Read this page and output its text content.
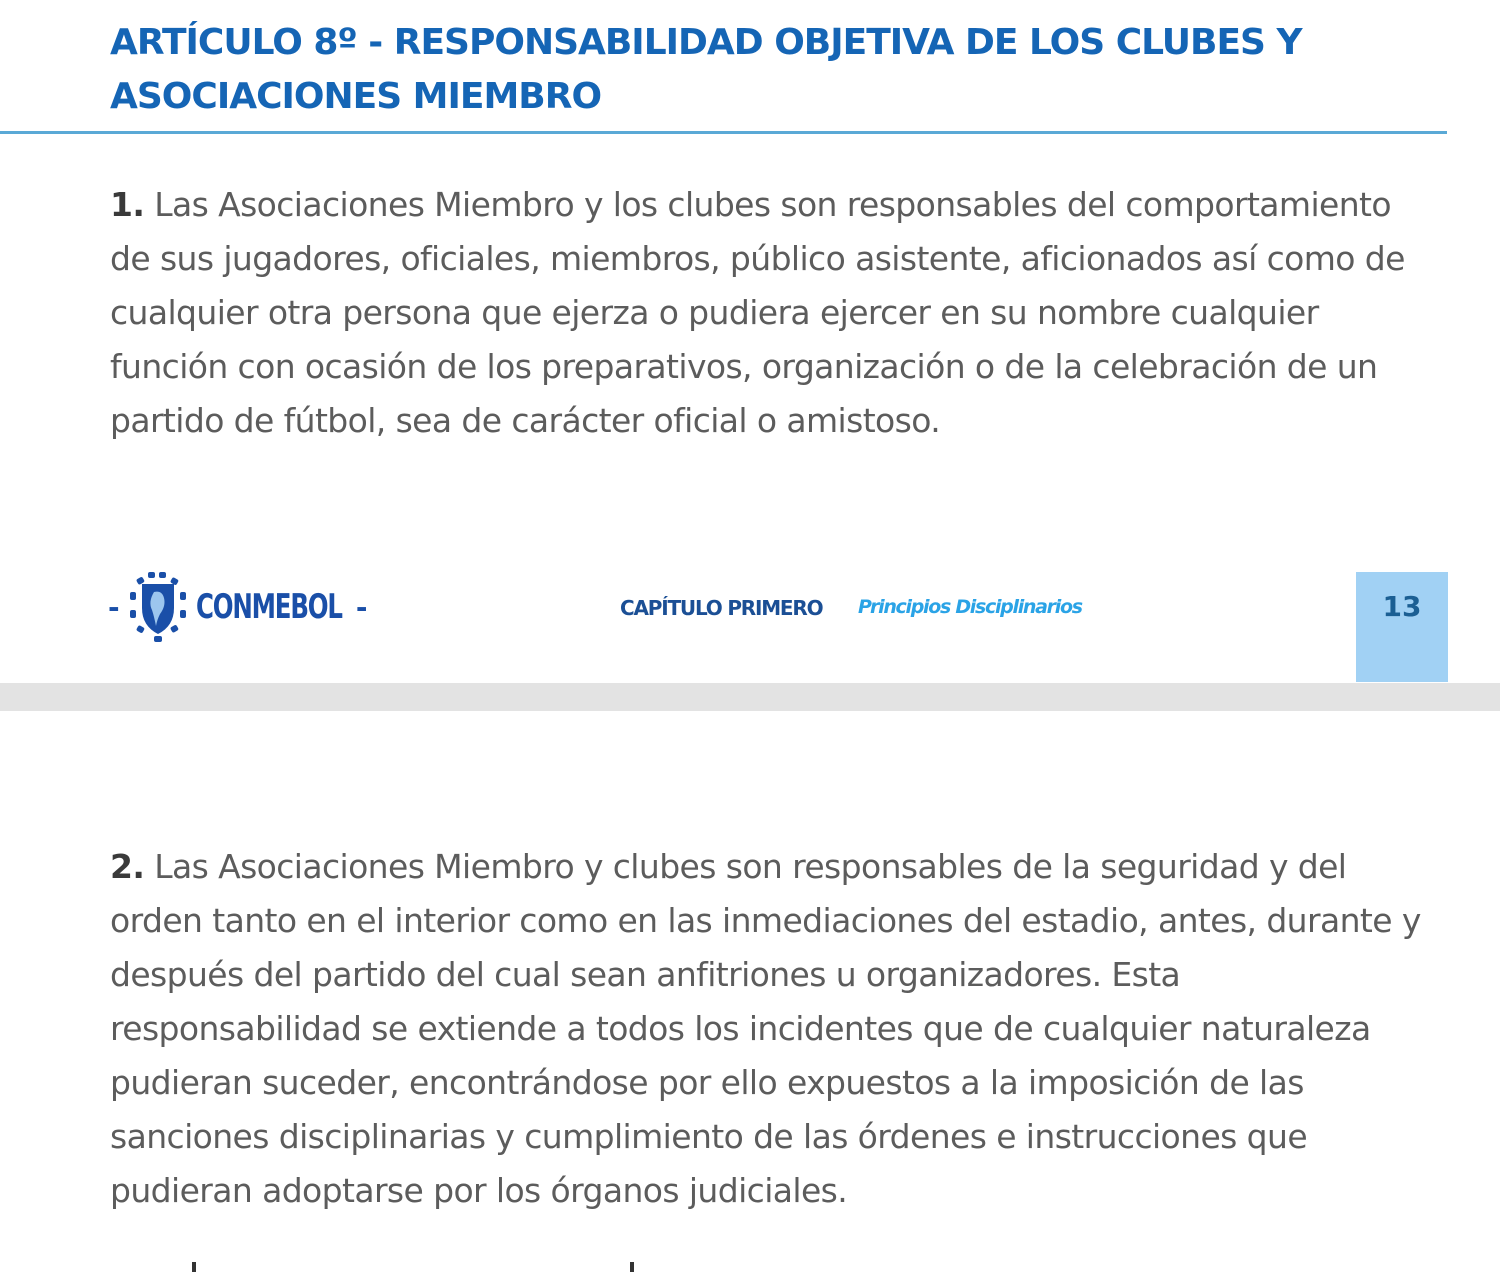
ARTÍCULO 8º - RESPONSABILIDAD OBJETIVA DE LOS CLUBES Y
ASOCIACIONES MIEMBRO
1. Las Asociaciones Miembro y los clubes son responsables del comportamiento de sus jugadores, oficiales, miembros, público asistente, aficionados así como de cualquier otra persona que ejerza o pudiera ejercer en su nombre cualquier función con ocasión de los preparativos, organización o de la celebración de un partido de fútbol, sea de carácter oficial o amistoso.
- CONMEBOL -	CAPÍTULO PRIMERO Principios Disciplinarios	13
2. Las Asociaciones Miembro y clubes son responsables de la seguridad y del orden tanto en el interior como en las inmediaciones del estadio, antes, durante y después del partido del cual sean anfitriones u organizadores. Esta responsabilidad se extiende a todos los incidentes que de cualquier naturaleza pudieran suceder, encontrándose por ello expuestos a la imposición de las sanciones disciplinarias y cumplimiento de las órdenes e instrucciones que pudieran adoptarse por los órganos judiciales.
